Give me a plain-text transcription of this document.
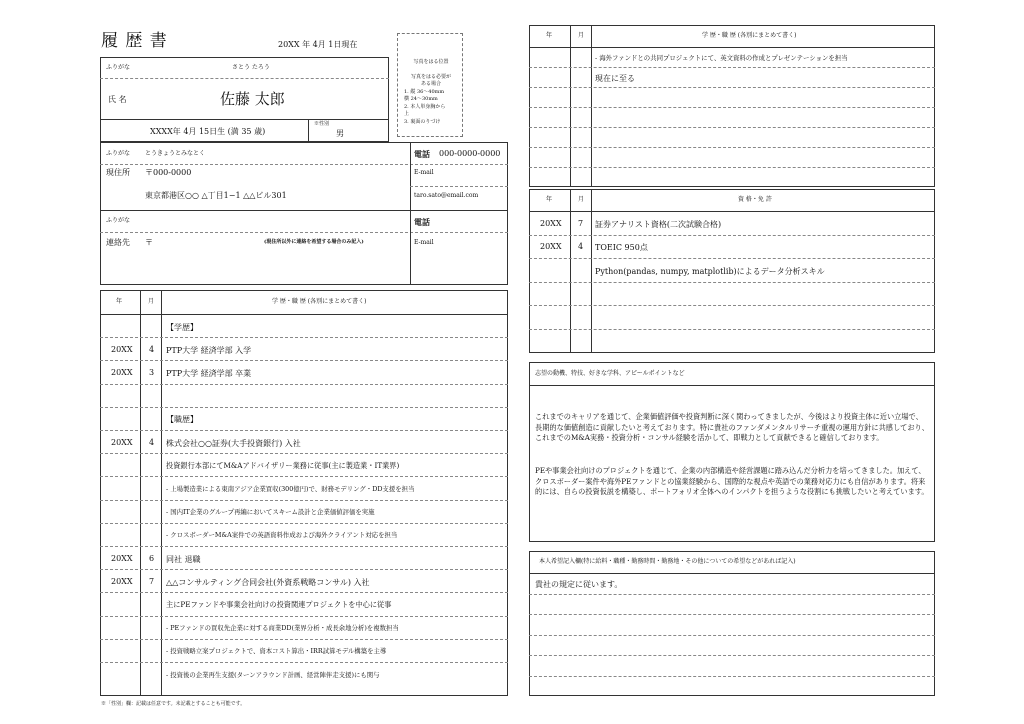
履 歴 書	20XX 年 4月 1日現在
写真をはる位置
写真をはる必要が
ある場合
1. 縦 36〜40mm
横 24〜30mm
2. 本人単身胸から
上
3. 裏面のりづけ
ふりがな	さとう たろう
氏 名	佐藤 太郎
XXXX年 4月 15日生 (満 35 歳)
※性別
男
ふりがな とうきょうとみなとく
現住所 〒000-0000
東京都港区○○ △丁目1−1 △△ビル301
電話 000-0000-0000
E-mail
taro.sato@email.com
ふりがな
連絡先 〒	(現住所以外に連絡を希望する場合のみ記入)
電話
E-mail
年	月	学 歴・職 歴 (各別にまとめて書く)
【学歴】
20XX 4 PTP大学 経済学部 入学
20XX 3 PTP大学 経済学部 卒業
【職歴】
20XX 4 株式会社○○証券(大手投資銀行) 入社
投資銀行本部にてM&Aアドバイザリー業務に従事(主に製造業・IT業界)
- 上場製造業による東南アジア企業買収(300億円)で、財務モデリング・DD支援を担当
- 国内IT企業のグループ再編においてスキーム設計と企業価値評価を実施
- クロスボーダーM&A案件での英語資料作成および海外クライアント対応を担当
20XX 6 同社 退職
20XX 7 △△コンサルティング合同会社(外資系戦略コンサル) 入社
主にPEファンドや事業会社向けの投資関連プロジェクトを中心に従事
- PEファンドの買収先企業に対する商業DD(業界分析・成長余地分析)を複数担当
- 投資戦略立案プロジェクトで、資本コスト算出・IRR試算モデル構築を主導
- 投資後の企業再生支援(ターンアラウンド計画、経営陣伴走支援)にも関与
※「性別」欄：記載は任意です。未記載とすることも可能です。
年	月	学 歴・職 歴 (各別にまとめて書く)
- 海外ファンドとの共同プロジェクトにて、英文資料の作成とプレゼンテーションを担当
現在に至る
年	月	資 格・免 許
20XX 7 証券アナリスト資格(二次試験合格)
20XX 4 TOEIC 950点
Python(pandas, numpy, matplotlib)によるデータ分析スキル
志望の動機、特技、好きな学科、アピールポイントなど
これまでのキャリアを通じて、企業価値評価や投資判断に深く関わってきましたが、今後はより投資主体に近い立場で、長期的な価値創造に貢献したいと考えております。特に貴社のファンダメンタルリサーチ重視の運用方針に共感しており、これまでのM&A実務・投資分析・コンサル経験を活かして、即戦力として貢献できると確信しております。
PEや事業会社向けのプロジェクトを通じて、企業の内部構造や経営課題に踏み込んだ分析力を培ってきました。加えて、クロスボーダー案件や海外PEファンドとの協業経験から、国際的な視点や英語での業務対応力にも自信があります。将来的には、自らの投資仮説を構築し、ポートフォリオ全体へのインパクトを担うような役割にも挑戦したいと考えています。
本人希望記入欄(特に給料・職種・勤務時間・勤務地・その他についての希望などがあれば記入)
貴社の規定に従います。
